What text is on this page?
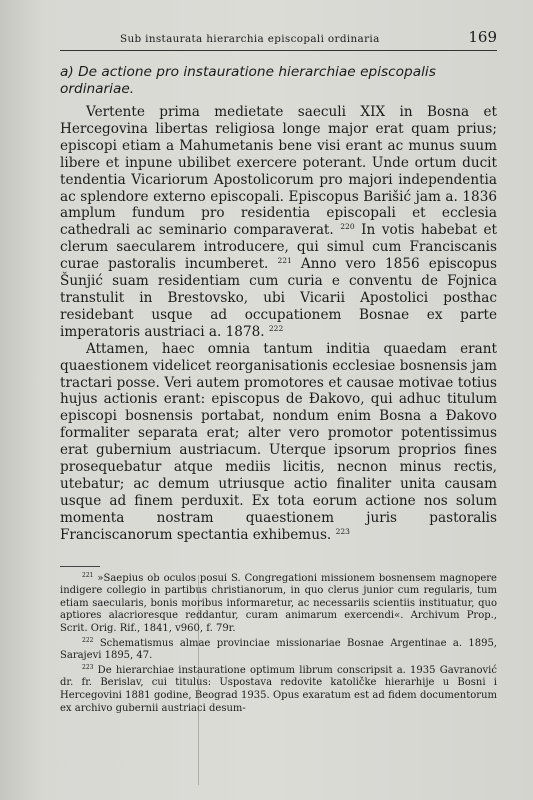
Sub instaurata hierarchia episcopali ordinaria	169
a) De actione pro instauratione hierarchiae episcopalis ordinariae.

Vertente prima medietate saeculi XIX in Bosna et Hercegovina libertas religiosa longe major erat quam prius; episcopi etiam a Mahumetanis bene visi erant ac munus suum libere et inpune ubilibet exercere poterant. Unde ortum ducit tendentia Vicariorum Apostolicorum pro majori independentia ac splendore externo episcopali. Episcopus Barišić jam a. 1836 amplum fundum pro residentia episcopali et ecclesia cathedrali ac seminario comparaverat. $^{220}$ In votis habebat et clerum saecularem introducere, qui simul cum Franciscanis curae pastoralis incumberet. $^{221}$ Anno vero 1856 episcopus Šunjić suam residentiam cum curia e conventu de Fojnica transtulit in Brestovsko, ubi Vicarii Apostolici posthac residebant usque ad occupationem Bosnae ex parte imperatoris austriaci a. 1878. $^{222}$

Attamen, haec omnia tantum inditia quaedam erant quaestionem videlicet reorganisationis ecclesiae bosnensis jam tractari posse. Veri autem promotores et causae motivae totius hujus actionis erant: episcopus de Đakovo, qui adhuc titulum episcopi bosnensis portabat, nondum enim Bosna a Đakovo formaliter separata erat; alter vero promotor potentissimus erat gubernium austriacum. Uterque ipsorum proprios fines prosequebatur atque mediis licitis, necnon minus rectis, utebatur; ac demum utriusque actio finaliter unita causam usque ad finem perduxit. Ex tota eorum actione nos solum momenta nostram quaestionem juris pastoralis Franciscanorum spectantia exhibemus. $^{223}$

$^{221}$ »Saepius ob oculos posui S. Congregationi missionem bosnensem magnopere indigere collegio in partibus christianorum, in quo clerus junior cum regularis, tum etiam saecularis, bonis moribus informaretur, ac necessariis scientiis instituatur, quo aptiores alacrioresque reddantur, curam animarum exercendi«. Archivum Prop., Scrit. Orig. Rif., 1841, v960, f. 79r.

$^{222}$ Schematismus almae provinciae missionariae Bosnae Argentinae a. 1895, Sarajevi 1895, 47.

$^{223}$ De hierarchiae instauratione optimum librum conscripsit a. 1935 Gavranović dr. fr. Berislav, cui titulus: Uspostava redovite katoličke hierarhije u Bosni i Hercegovini 1881 godine, Beograd 1935. Opus exaratum est ad fidem documentorum ex archivo gubernii austriaci desum-
